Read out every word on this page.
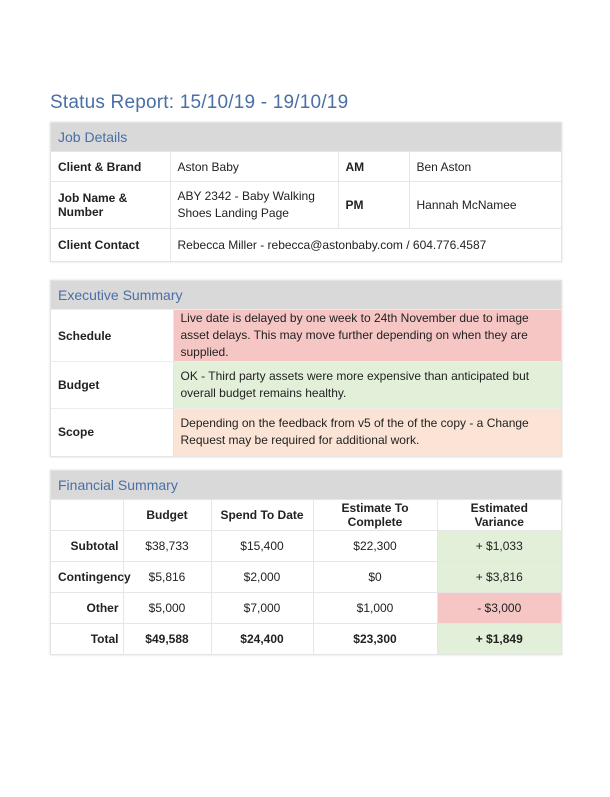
Status Report: 15/10/19 - 19/10/19
Job Details
Client & Brand	Aston Baby	AM	Ben Aston
Job Name & Number	ABY 2342 - Baby Walking Shoes Landing Page	PM	Hannah McNamee
Client Contact	Rebecca Miller - rebecca@astonbaby.com / 604.776.4587		
Executive Summary
Schedule	Live date is delayed by one week to 24th November due to image asset delays. This may move further depending on when they are supplied.
Budget	OK - Third party assets were more expensive than anticipated but overall budget remains healthy.
Scope	Depending on the feedback from v5 of the of the copy - a Change Request may be required for additional work.
Financial Summary
	Budget	Spend To Date	Estimate To Complete	Estimated Variance
Subtotal	$38,733	$15,400	$22,300	+ $1,033
Contingency	$5,816	$2,000	$0	+ $3,816
Other	$5,000	$7,000	$1,000	- $3,000
Total	$49,588	$24,400	$23,300	+ $1,849
